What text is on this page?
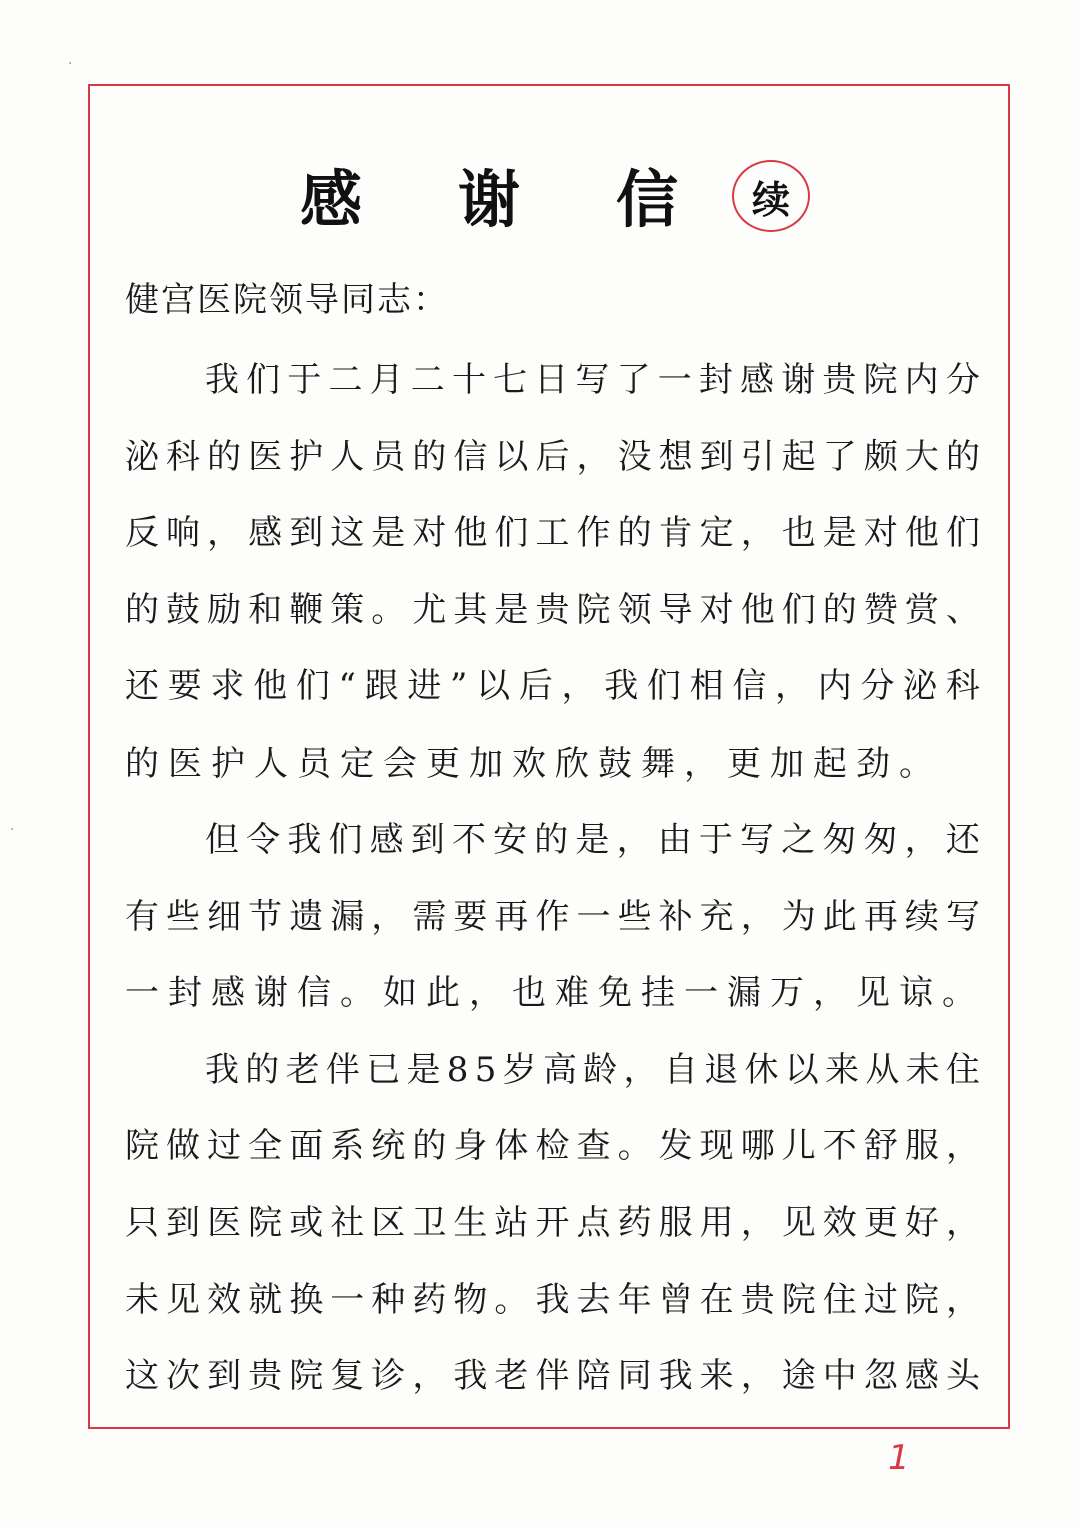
感 谢 信	续
健宫医院领导同志：
我 们 于 二 月 二 十 七 日 写 了 一 封 感 谢 贵 院 内 分
泌 科 的 医 护 人 员 的 信 以 后 ， 没 想 到 引 起 了 颇 大 的
反 响 ， 感 到 这 是 对 他 们 工 作 的 肯 定 ， 也 是 对 他 们
的 鼓 励 和 鞭 策 。 尤 其 是 贵 院 领 导 对 他 们 的 赞 赏 、
还 要 求 他 们 “ 跟 进 ” 以 后 ， 我 们 相 信 ， 内 分 泌 科
的医护人员定会更加欢欣鼓舞，更加起劲。
但 令 我 们 感 到 不 安 的 是 ， 由 于 写 之 匆 匆 ， 还
有 些 细 节 遗 漏 ， 需 要 再 作 一 些 补 充 ， 为 此 再 续 写
一封感谢信。如此，也难免挂一漏万，见谅。
我 的 老 伴 已 是 8 5 岁 高 龄 ， 自 退 休 以 来 从 未 住
院 做 过 全 面 系 统 的 身 体 检 查 。 发 现 哪 儿 不 舒 服 ，
只 到 医 院 或 社 区 卫 生 站 开 点 药 服 用 ， 见 效 更 好 ，
未 见 效 就 换 一 种 药 物 。 我 去 年 曾 在 贵 院 住 过 院 ，
这 次 到 贵 院 复 诊 ， 我 老 伴 陪 同 我 来 ， 途 中 忽 感 头
1
·
·
